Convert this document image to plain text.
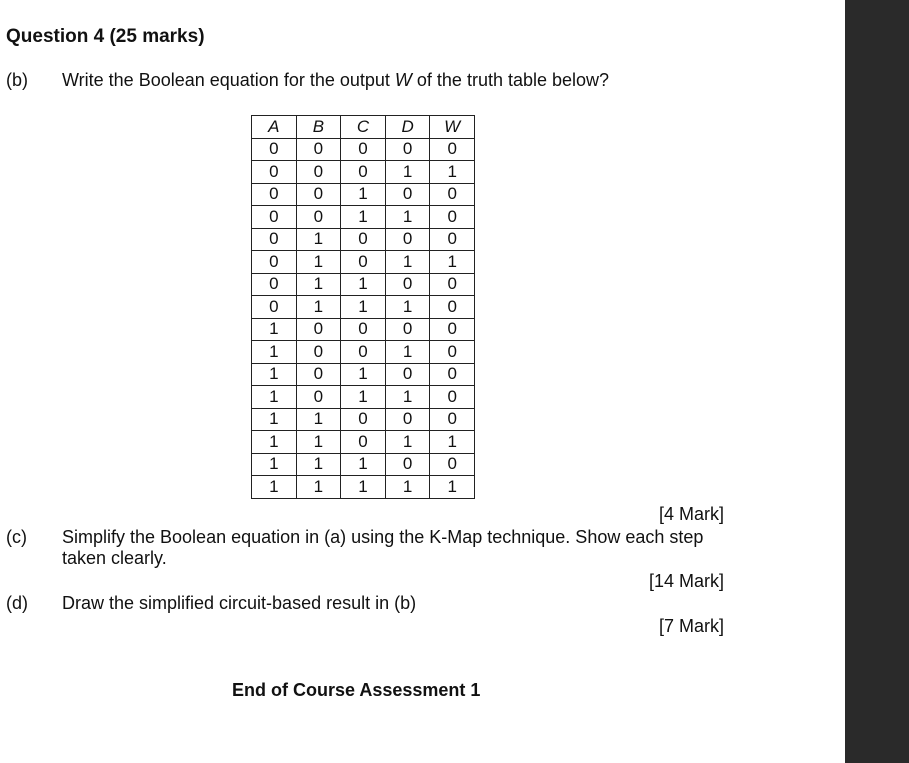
Question 4 (25 marks)
(b) Write the Boolean equation for the output W of the truth table below?
A	B	C	D	W
0	0	0	0	0
0	0	0	1	1
0	0	1	0	0
0	0	1	1	0
0	1	0	0	0
0	1	0	1	1
0	1	1	0	0
0	1	1	1	0
1	0	0	0	0
1	0	0	1	0
1	0	1	0	0
1	0	1	1	0
1	1	0	0	0
1	1	0	1	1
1	1	1	0	0
1	1	1	1	1
[4 Mark]
(c) Simplify the Boolean equation in (a) using the K-Map technique. Show each step taken clearly.
[14 Mark]
(d) Draw the simplified circuit-based result in (b)
[7 Mark]
End of Course Assessment 1
